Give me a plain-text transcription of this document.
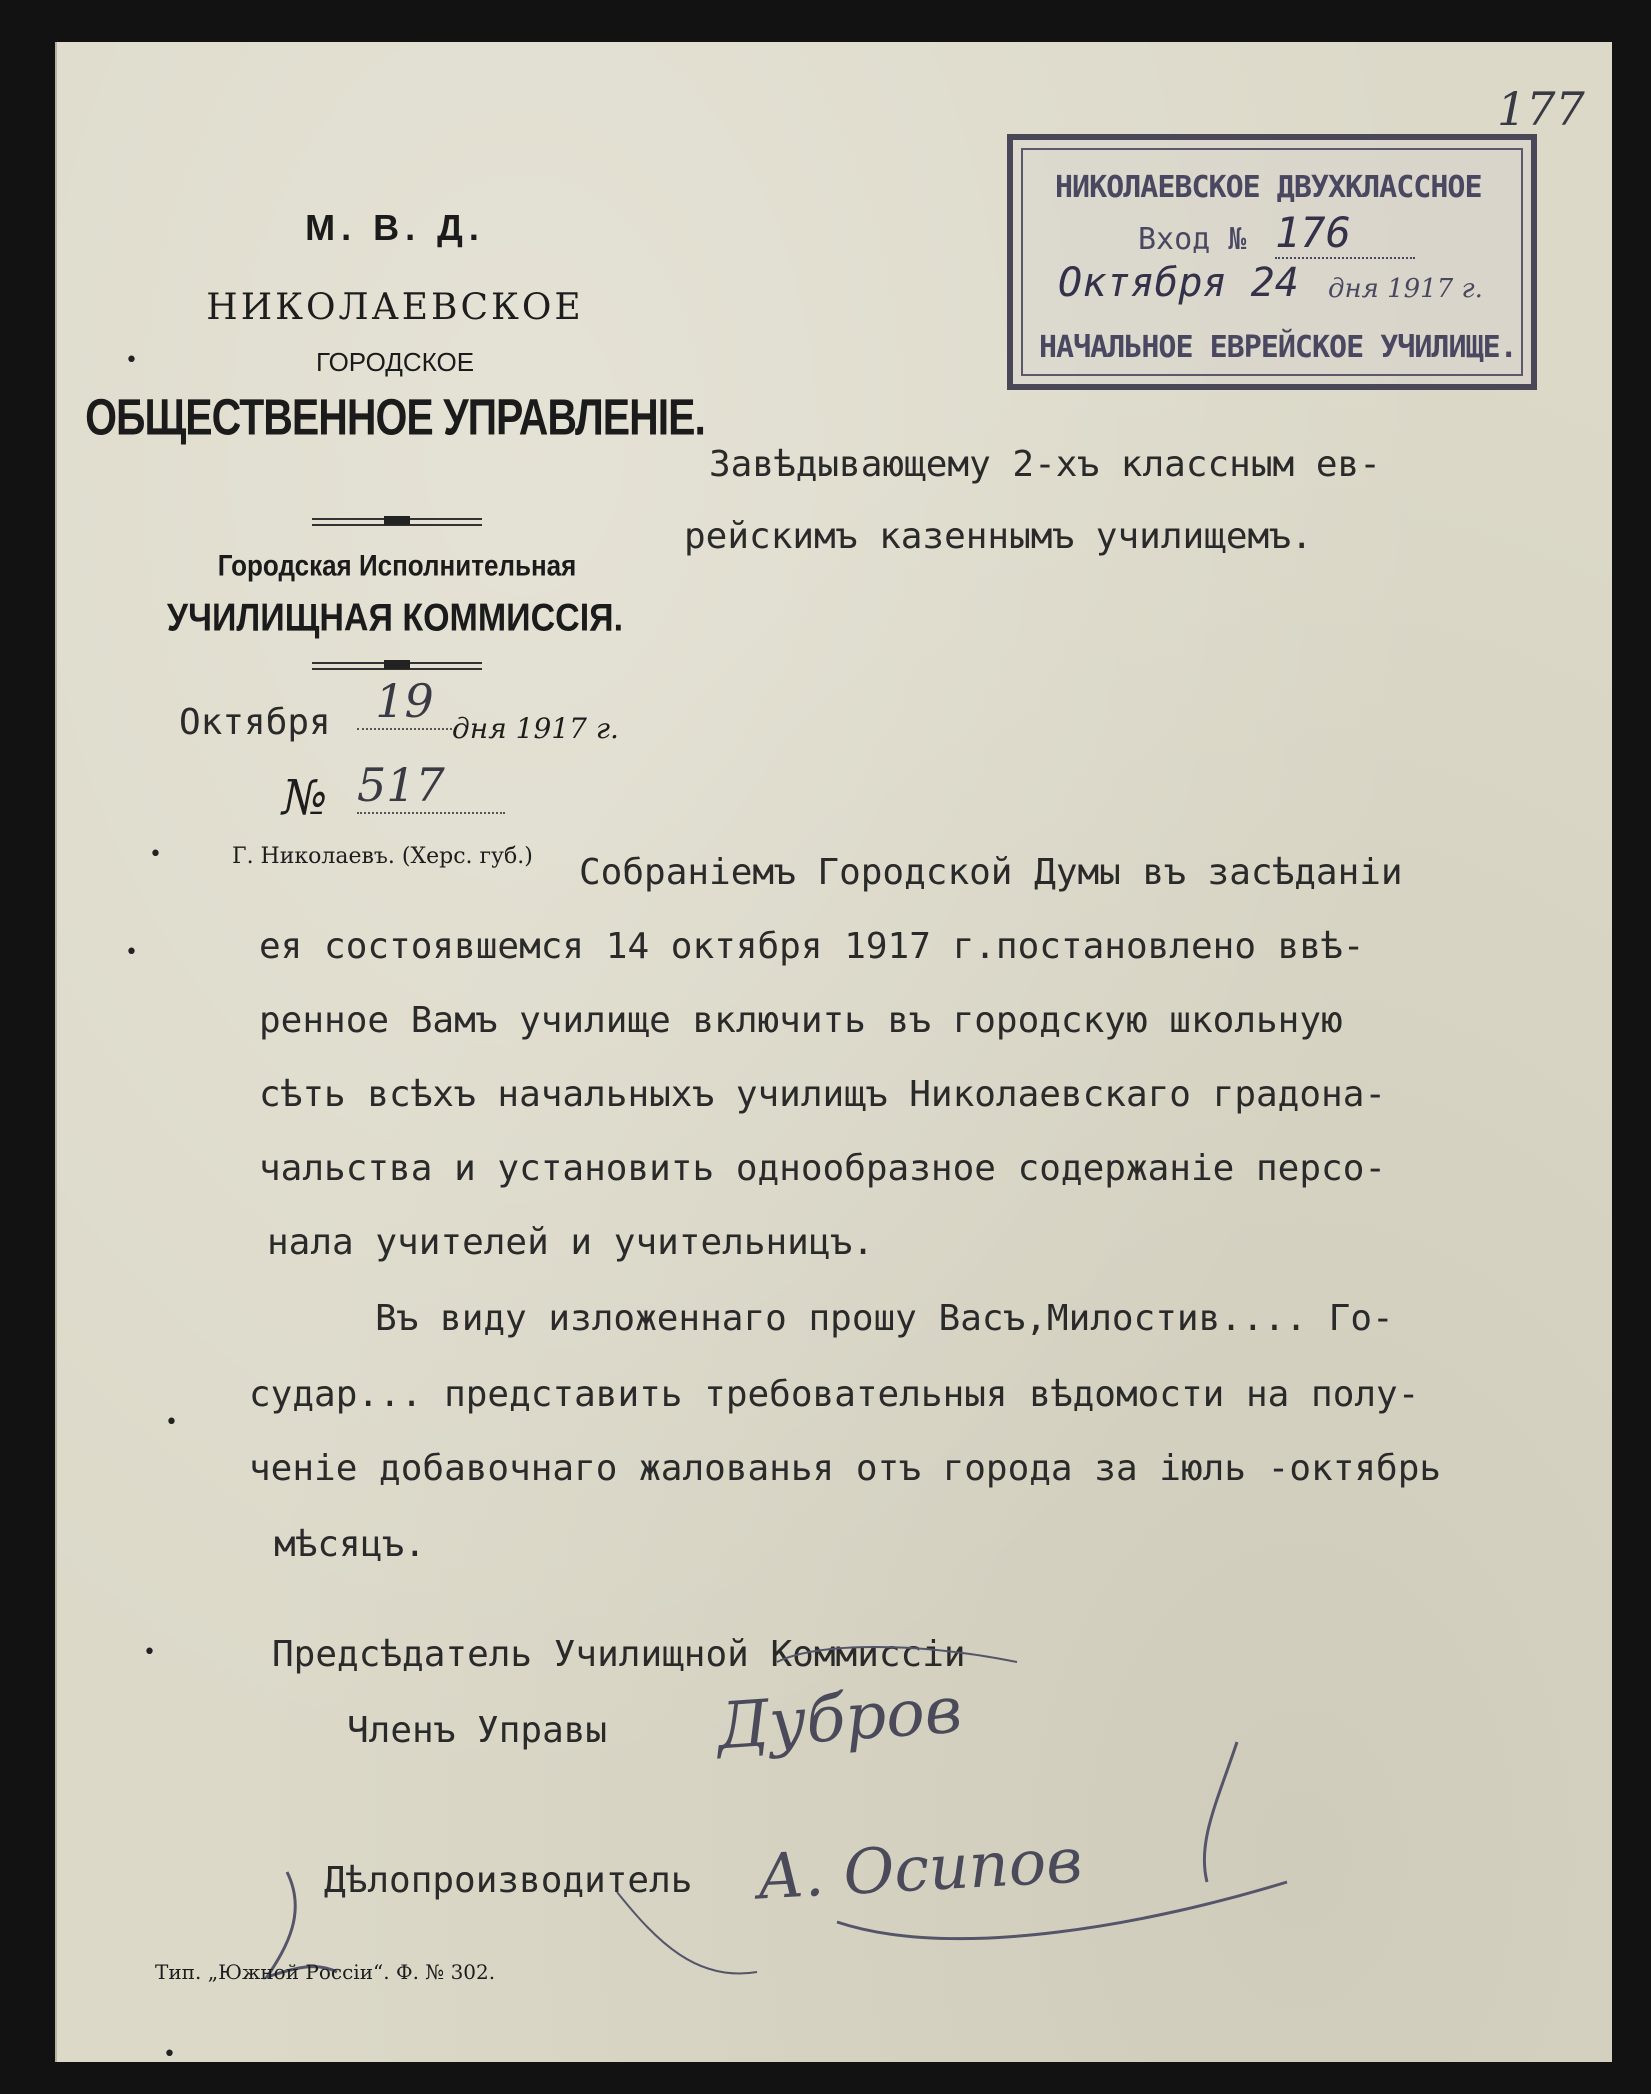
177
НИКОЛАЕВСКОЕ ДВУХКЛАССНОЕ
Вход № 176
Октября 24 дня 1917 г.
НАЧАЛЬНОЕ ЕВРЕЙСКОЕ УЧИЛИЩЕ.
М. В. Д.
НИКОЛАЕВСКОЕ
ГОРОДСКОЕ
ОБЩЕСТВЕННОЕ УПРАВЛЕНІЕ.
Городская Исполнительная
УЧИЛИЩНАЯ КОММИССІЯ.
Октября 19
дня 1917 г.
№ 517
Г. Николаевъ. (Херс. губ.)
Завѣдывающему 2-хъ классным ев-
рейскимъ казеннымъ училищемъ.
Собраніемъ Городской Думы въ засѣданіи
ея состоявшемся 14 октября 1917 г.постановлено ввѣ-
ренное Вамъ училище включить въ городскую школьную
сѣть всѣхъ начальныхъ училищъ Николаевскаго градона-
чальства и установить однообразное содержаніе персо-
нала учителей и учительницъ.
Въ виду изложеннаго прошу Васъ,Милостив.... Го-
судар... представить требовательныя вѣдомости на полу-
ченіе добавочнаго жалованья отъ города за іюль -октябрь
мѣсяцъ.
Предсѣдатель Училищной Коммиссіи
Членъ Управы Дубров
Дѣлопроизводитель А. Осипов
Тип. „Южной Россіи“. Ф. № 302.
•
•
•
•
•
•
